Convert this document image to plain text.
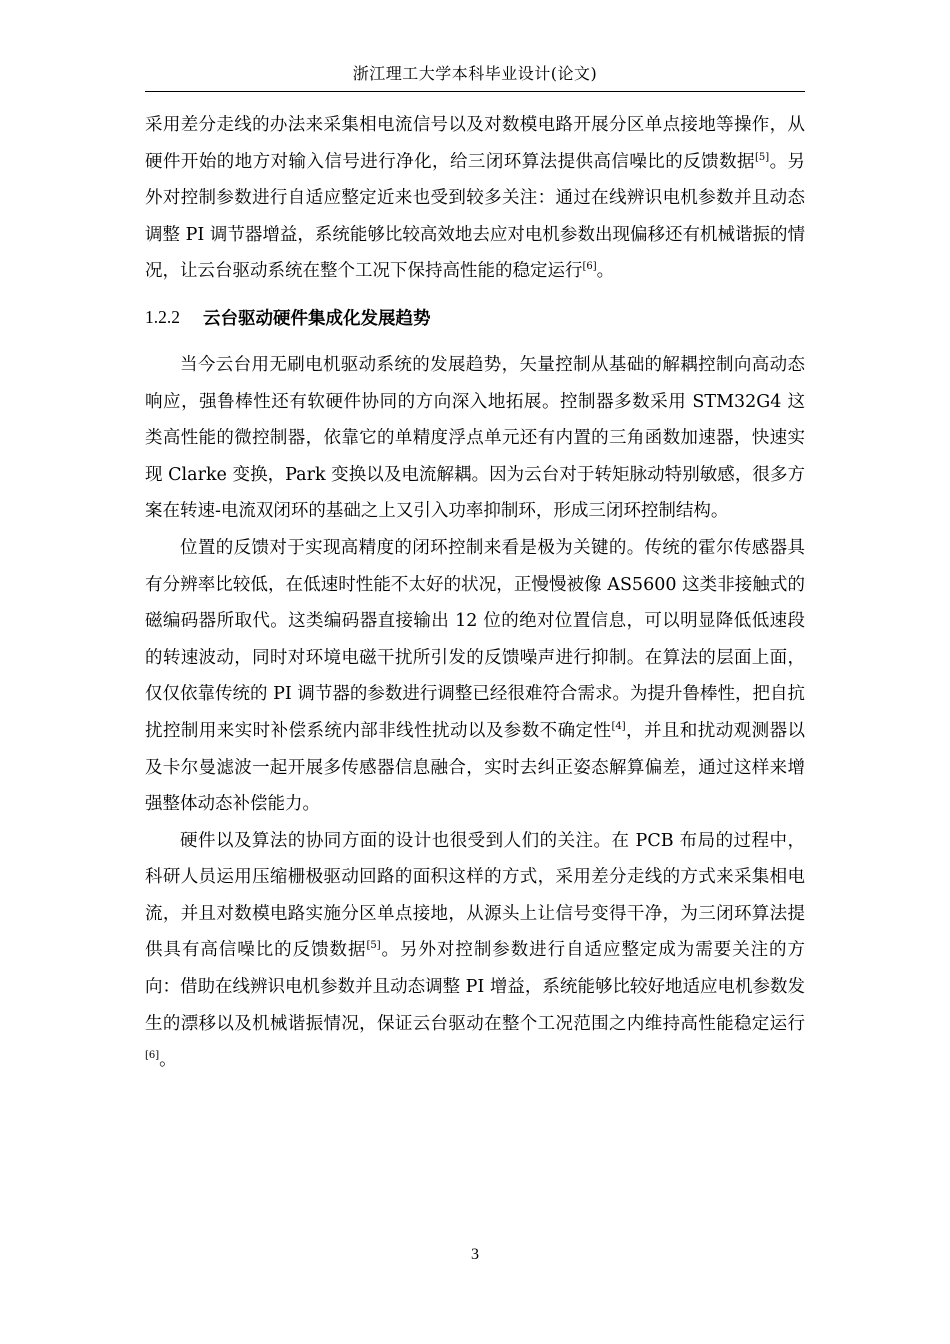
浙江理工大学本科毕业设计(论文)

采用差分走线的办法来采集相电流信号以及对数模电路开展分区单点接地等操作，从硬件开始的地方对输入信号进行净化，给三闭环算法提供高信噪比的反馈数据[5]。另外对控制参数进行自适应整定近来也受到较多关注：通过在线辨识电机参数并且动态调整 PI 调节器增益，系统能够比较高效地去应对电机参数出现偏移还有机械谐振的情况，让云台驱动系统在整个工况下保持高性能的稳定运行[6]。

1.2.2	云台驱动硬件集成化发展趋势

当今云台用无刷电机驱动系统的发展趋势，矢量控制从基础的解耦控制向高动态响应，强鲁棒性还有软硬件协同的方向深入地拓展。控制器多数采用 STM32G4 这类高性能的微控制器，依靠它的单精度浮点单元还有内置的三角函数加速器，快速实现 Clarke 变换，Park 变换以及电流解耦。因为云台对于转矩脉动特别敏感，很多方案在转速-电流双闭环的基础之上又引入功率抑制环，形成三闭环控制结构。

位置的反馈对于实现高精度的闭环控制来看是极为关键的。传统的霍尔传感器具有分辨率比较低，在低速时性能不太好的状况，正慢慢被像 AS5600 这类非接触式的磁编码器所取代。这类编码器直接输出 12 位的绝对位置信息，可以明显降低低速段的转速波动，同时对环境电磁干扰所引发的反馈噪声进行抑制。在算法的层面上面，仅仅依靠传统的 PI 调节器的参数进行调整已经很难符合需求。为提升鲁棒性，把自抗扰控制用来实时补偿系统内部非线性扰动以及参数不确定性[4]，并且和扰动观测器以及卡尔曼滤波一起开展多传感器信息融合，实时去纠正姿态解算偏差，通过这样来增强整体动态补偿能力。

硬件以及算法的协同方面的设计也很受到人们的关注。在 PCB 布局的过程中，科研人员运用压缩栅极驱动回路的面积这样的方式，采用差分走线的方式来采集相电流，并且对数模电路实施分区单点接地，从源头上让信号变得干净，为三闭环算法提供具有高信噪比的反馈数据[5]。另外对控制参数进行自适应整定成为需要关注的方向：借助在线辨识电机参数并且动态调整 PI 增益，系统能够比较好地适应电机参数发生的漂移以及机械谐振情况，保证云台驱动在整个工况范围之内维持高性能稳定运行[6]。

3
